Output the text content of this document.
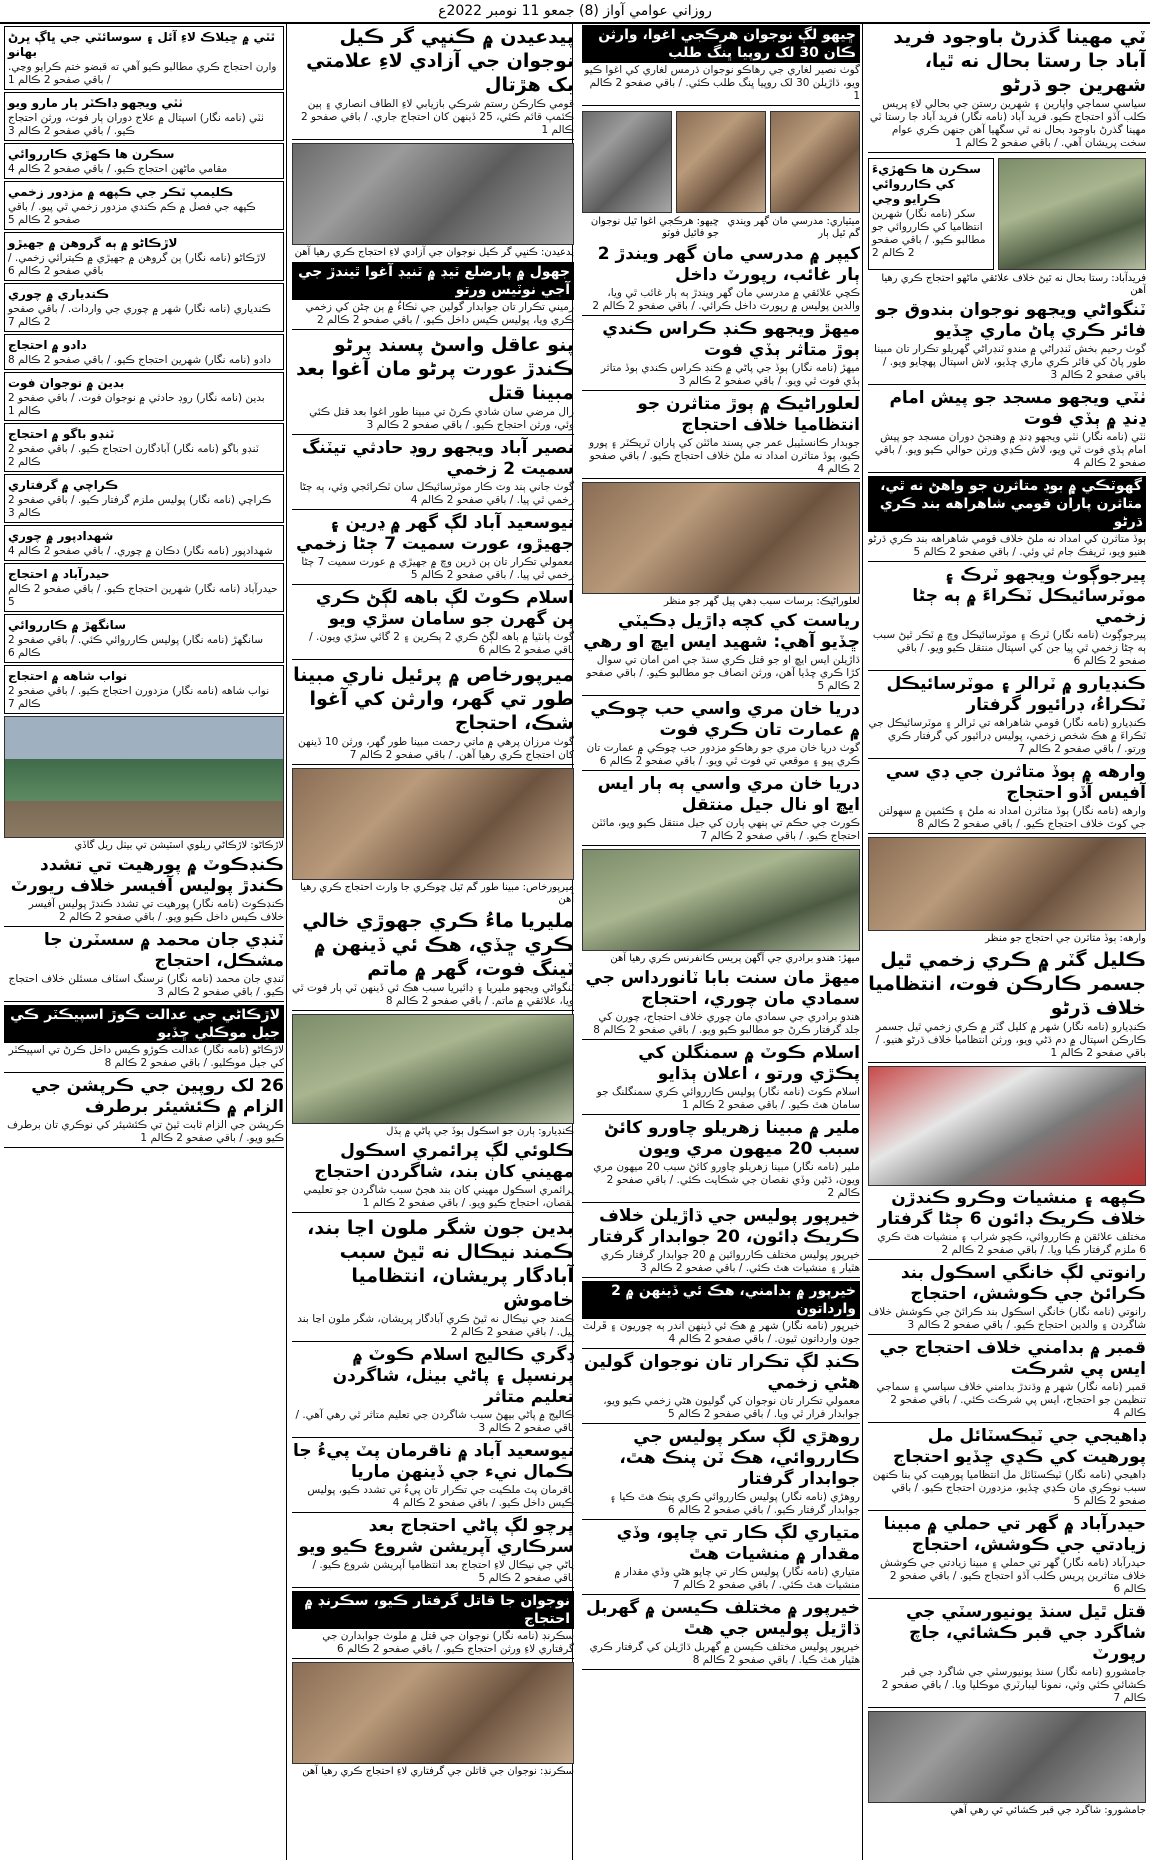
روزاني عوامي آواز (8) جمعو 11 نومبر 2022ع
ٽي مهينا گذرڻ باوجود فريد آباد جا رستا بحال نه ٿيا، شهرين جو ڌرڻو
سياسي سماجي واپارين ۽ شهرين رستن جي بحالي لاءِ پريس ڪلب آڏو احتجاج ڪيو. فريد آباد (نامه نگار) فريد آباد جا رستا ٽي مهينا گذرڻ باوجود بحال نه ٿي سگهيا آهن جنهن ڪري عوام سخت پريشان آهي. / باقي صفحو 2 ڪالم 1
سڪرن ها ڪهڙيءَ کي ڪارروائي ڪرايو وڃي
سکر (نامه نگار) شهرين انتظاميا کي ڪارروائي جو مطالبو ڪيو. / باقي صفحو 2 ڪالم 2
فريدآباد: رستا بحال نه ٿيڻ خلاف علائقي ماڻهو احتجاج ڪري رهيا آهن
ٽنگواڻي ويجهو نوجوان بندوق جو فائر ڪري پاڻ ماري ڇڏيو
گوٺ رحيم بخش ٽنڊراڻي ۾ مندو ٽنڊراڻي گهريلو تڪرار تان مبينا طور پاڻ کي فائر ڪري ماري ڇڏيو، لاش اسپتال پهچايو ويو. / باقي صفحو 2 ڪالم 3
ٺٽي ويجهو مسجد جو پيش امام ڍنڍ ۾ ٻڏي فوت
ٺٽي (نامه نگار) ٺٽي ويجهو ڍنڍ ۾ وهنجڻ دوران مسجد جو پيش امام ٻڏي فوت ٿي ويو، لاش ڪڍي ورثن حوالي ڪيو ويو. / باقي صفحو 2 ڪالم 4
گهوٽڪي ۾ بوڊ متاثرن جو واهڻ نه ٿي، متاثرن پاران قومي شاهراهه بند ڪري ڌرڻو
ٻوڏ متاثرن کي امداد نه ملڻ خلاف قومي شاهراهه بند ڪري ڌرڻو هنيو ويو، ٽريفڪ جام ٿي وئي. / باقي صفحو 2 ڪالم 5
پيرجوڳوٺ ويجهو ٽرڪ ۽ موٽرسائيڪل ٽڪراءَ ۾ ٻه ڄڻا زخمي
پيرجوڳوٺ (نامه نگار) ٽرڪ ۽ موٽرسائيڪل وچ ۾ ٽڪر ٿيڻ سبب ٻه ڄڻا زخمي ٿي پيا جن کي اسپتال منتقل ڪيو ويو. / باقي صفحو 2 ڪالم 6
ڪنڊيارو ۾ ٽرالر ۽ موٽرسائيڪل ٽڪراءُ، ڊرائيور گرفتار
ڪنڊيارو (نامه نگار) قومي شاهراهه تي ٽرالر ۽ موٽرسائيڪل جي ٽڪراءَ ۾ هڪ شخص زخمي، پوليس ڊرائيور کي گرفتار ڪري ورتو. / باقي صفحو 2 ڪالم 7
وارهه ۾ ٻوڏ متاثرن جي ڊي سي آفيس آڏو احتجاج
وارهه (نامه نگار) ٻوڏ متاثرن امداد نه ملڻ ۽ ڪئمپن ۾ سهولتن جي کوٽ خلاف احتجاج ڪيو. / باقي صفحو 2 ڪالم 8
وارهه: ٻوڏ متاثرن جي احتجاج جو منظر
ڪليل گٽر ۾ ڪري زخمي ٿيل جسمر ڪارڪن فوت، انتظاميا خلاف ڌرڻو
ڪنڊيارو (نامه نگار) شهر ۾ کليل گٽر ۾ ڪري زخمي ٿيل جسمر ڪارڪن اسپتال ۾ دم ڌڻي ويو، ورثن انتظاميا خلاف ڌرڻو هنيو. / باقي صفحو 2 ڪالم 1
ڪپهه ۽ منشيات وڪرو ڪندڙن خلاف ڪريڪ ڊائون 6 ڄڻا گرفتار
مختلف علائقن ۾ ڪارروائي، ڪچو شراب ۽ منشيات هٿ ڪري 6 ملزم گرفتار ڪيا ويا. / باقي صفحو 2 ڪالم 2
رانوتي لڳ خانگي اسڪول بند ڪرائڻ جي ڪوشش، احتجاج
رانوتي (نامه نگار) خانگي اسڪول بند ڪرائڻ جي ڪوشش خلاف شاگردن ۽ والدين احتجاج ڪيو. / باقي صفحو 2 ڪالم 3
قمبر ۾ بدامني خلاف احتجاج جي ايس پي شرڪت
قمبر (نامه نگار) شهر ۾ وڌندڙ بدامني خلاف سياسي ۽ سماجي تنظيمن جو احتجاج، ايس پي شرڪت ڪئي. / باقي صفحو 2 ڪالم 4
ڊاهيجي جي ٽيڪسٽائل مل پورهيت کي ڪڍي ڇڏيو احتجاج
ڊاهيجي (نامه نگار) ٽيڪسٽائل مل انتظاميا پورهيت کي بنا ڪنهن سبب نوڪري مان ڪڍي ڇڏيو، مزدورن احتجاج ڪيو. / باقي صفحو 2 ڪالم 5
حيدرآباد ۾ گهر تي حملي ۾ مبينا زيادتي جي ڪوشش، احتجاج
حيدرآباد (نامه نگار) گهر تي حملي ۽ مبينا زيادتي جي ڪوشش خلاف متاثرين پريس ڪلب آڏو احتجاج ڪيو. / باقي صفحو 2 ڪالم 6
قتل ٿيل سنڌ يونيورسٽي جي شاگرد جي قبر ڪشائي، جاچ رپورٽ
جامشورو (نامه نگار) سنڌ يونيورسٽي جي شاگرد جي قبر ڪشائي ڪئي وئي، نمونا ليبارٽري موڪليا ويا. / باقي صفحو 2 ڪالم 7
جامشورو: شاگرد جي قبر ڪشائي ٿي رهي آهي
ڇيهو لڳ نوجوان هرڪجي اغوا، وارثن ڪان 30 لک روپيا ڀنگ طلب
گوٺ نصير لغاري جي رهاڪو نوجوان ڌرمس لغاري کي اغوا ڪيو ويو، ڌاڙيلن 30 لک روپيا ڀنگ طلب ڪئي. / باقي صفحو 2 ڪالم 1
ميٽياري: مدرسي مان گهر ويندي گم ٿيل ٻار
ڇيهو: هرڪجي اغوا ٿيل نوجوان جو فائيل فوٽو
کيپر ۾ مدرسي مان گهر ويندڙ 2 ٻار غائب، رپورٽ داخل
ڪچي علائقي ۾ مدرسي مان گهر ويندڙ ٻه ٻار غائب ٿي ويا، والدين پوليس ۾ رپورٽ داخل ڪرائي. / باقي صفحو 2 ڪالم 2
ميهڙ ويجهو ڪنڊ ڪراس ڪندي ٻوڙ متاثر ٻڏي فوت
ميهڙ (نامه نگار) ٻوڏ جي پاڻي ۾ ڪنڊ ڪراس ڪندي ٻوڏ متاثر ٻڏي فوت ٿي ويو. / باقي صفحو 2 ڪالم 3
لعلوراڻيڪ ۾ ٻوڙ متاثرن جو انتظاميا خلاف احتجاج
جوبدار ڪانسٽيبل عمر جي پسند مائٽن کي پاران ٽريڪٽر ۽ پورو ڪيو، ٻوڏ متاثرن امداد نه ملڻ خلاف احتجاج ڪيو. / باقي صفحو 2 ڪالم 4
لعلوراڻيڪ: برسات سبب ڊهي پيل گهر جو منظر
رياست کي کچه ڊاڙيل ڊڪيٽي ڇڏيو آهي: شهيد ايس ايڇ او رهي
ڌاڙيلن ايس ايڇ او جو قتل ڪري سنڌ جي امن امان تي سوال کڙا ڪري ڇڏيا آهن، ورثن انصاف جو مطالبو ڪيو. / باقي صفحو 2 ڪالم 5
دريا خان مري واسي حب چوڪي ۾ عمارت تان ڪري فوت
گوٺ دريا خان مري جو رهاڪو مزدور حب چوڪي ۾ عمارت تان ڪري پيو ۽ موقعي تي فوت ٿي ويو. / باقي صفحو 2 ڪالم 6
دريا خان مري واسي ٻه ٻار ايس ايڇ او نال جيل منتقل
ڪورٽ جي حڪم تي ٻنهي ٻارن کي جيل منتقل ڪيو ويو، مائٽن احتجاج ڪيو. / باقي صفحو 2 ڪالم 7
ميهڙ: هندو برادري جي آگهن پريس ڪانفرنس ڪري رهيا آهن
ميهڙ مان سنت بابا ٽانورداس جي سمادي مان چوري، احتجاج
هندو برادري جي سمادي مان چوري خلاف احتجاج، چورن کي جلد گرفتار ڪرڻ جو مطالبو ڪيو ويو. / باقي صفحو 2 ڪالم 8
اسلام ڪوٽ ۾ سمنگلن کي پڪڙي ورتو ، اعلان ٻڌايو
اسلام ڪوٽ (نامه نگار) پوليس ڪارروائي ڪري سمنگلنگ جو سامان هٿ ڪيو. / باقي صفحو 2 ڪالم 1
ملير ۾ مبينا زهريلو چاورو کائڻ سبب 20 ميهون مري ويون
ملير (نامه نگار) مبينا زهريلو چاورو کائڻ سبب 20 ميهون مري ويون، ڌڻين وڏي نقصان جي شڪايت ڪئي. / باقي صفحو 2 ڪالم 2
خيرپور پوليس جي ڌاڙيلن خلاف ڪريڪ ڊائون، 20 جوابدار گرفتار
خيرپور پوليس مختلف ڪارروائين ۾ 20 جوابدار گرفتار ڪري هٿيار ۽ منشيات هٿ ڪئي. / باقي صفحو 2 ڪالم 3
خيرپور ۾ بدامني، هڪ ئي ڏينهن ۾ 2 وارداتون
خيرپور (نامه نگار) شهر ۾ هڪ ئي ڏينهن اندر ٻه چوريون ۽ ڦرلٽ جون وارداتون ٿيون. / باقي صفحو 2 ڪالم 4
ڪنڊ لڳ تڪرار تان نوجوان گولين هڻي زخمي
معمولي تڪرار تان نوجوان کي گوليون هڻي زخمي ڪيو ويو، جوابدار فرار ٿي ويا. / باقي صفحو 2 ڪالم 5
روهڙي لڳ سکر پوليس جي ڪارروائي، هڪ ٽن پنڪ هٿ، جوابدار گرفتار
روهڙي (نامه نگار) پوليس ڪارروائي ڪري پنڪ هٿ ڪيا ۽ جوابدار گرفتار ڪيو. / باقي صفحو 2 ڪالم 6
متياري لڳ ڪار تي چاپو، وڏي مقدار ۾ منشيات هٿ
متياري (نامه نگار) پوليس ڪار تي چاپو هڻي وڏي مقدار ۾ منشيات هٿ ڪئي. / باقي صفحو 2 ڪالم 7
خيرپور ۾ مختلف ڪيسن ۾ گهربل ڌاڙيل پوليس جي هٿ
خيرپور پوليس مختلف ڪيسن ۾ گهربل ڌاڙيلن کي گرفتار ڪري هٿيار هٿ ڪيا. / باقي صفحو 2 ڪالم 8
پيدعيدن ۾ ڪنڀي گر ڪيل نوجوان جي آزادي لاءِ علامتي بک هڙتال
قومي ڪارڪن رستم شرڪي بازيابي لاءِ الطاف انصاري ۽ ٻين ڪئمپ قائم ڪئي، 25 ڏينهن کان احتجاج جاري. / باقي صفحو 2 ڪالم 1
پدعيدن: ڪنڀي گر ڪيل نوجوان جي آزادي لاءِ احتجاج ڪري رهيا آهن
جهول ۾ پارضلع ٽيڊ ۾ ٽنيڊ آغوا ٿيندڙ جي آجي نوٽيس ورتو
زميني تڪرار تان جوابدار گولين جي ٺڪاءُ ۾ ٻن ڄڻن کي زخمي ڪري ويا، پوليس ڪيس داخل ڪيو. / باقي صفحو 2 ڪالم 2
پنو عاقل واسڻ پسند پرڻو ڪندڙ عورت پرڻو مان آغوا بعد مبينا قتل
زال مرضي سان شادي ڪرڻ تي مبينا طور اغوا بعد قتل ڪئي وئي، ورثن احتجاج ڪيو. / باقي صفحو 2 ڪالم 3
نصير آباد ويجهو روڊ حادثي تيٽنگ سميت 2 زخمي
گوٺ جاني ٻند وٽ ڪار موٽرسائيڪل سان ٽڪرائجي وئي، ٻه ڄڻا زخمي ٿي پيا. / باقي صفحو 2 ڪالم 4
نيوسعيد آباد لڳ گهر ۾ ڍرين ۽ جهيڙو، عورت سميت 7 ڄڻا زخمي
معمولي تڪرار تان ٻن ڌرين وچ ۾ جهيڙي ۾ عورت سميت 7 ڄڻا زخمي ٿي پيا. / باقي صفحو 2 ڪالم 5
اسلام ڪوٽ لڳ باهه لڳڻ ڪري ٻن گهرن جو سامان سڙي ويو
گوٺ ٻانٽيا ۾ باهه لڳڻ ڪري 2 ٻڪرين ۽ 2 گائي سڙي ويون. / باقي صفحو 2 ڪالم 6
ميرپورخاص ۾ پرئيل ناري مبينا طور تي گهر، وارثن کي آغوا شڪ، احتجاج
گوٺ مرزان پرهي ۾ ماتي رحمت مبينا طور گهر، ورثن 10 ڏينهن کان احتجاج ڪري رهيا آهن. / باقي صفحو 2 ڪالم 7
ميرپورخاص: مبينا طور گم ٿيل ڇوڪري جا وارث احتجاج ڪري رهيا آهن
مليريا ماءُ ڪري جهوڙي خالي ڪري ڇڏي، هڪ ئي ڏينهن ۾ ٽينگ فوت، گهر ۾ ماتم
ٽنگواڻي ويجهو مليريا ۽ ڊائيريا سبب هڪ ئي ڏينهن ٽي ٻار فوت ٿي ويا، علائقي ۾ ماتم. / باقي صفحو 2 ڪالم 8
ڪنڊيارو: ٻارن جو اسڪول ٻوڏ جي پاڻي ۾ ٻڏل
ڪلوئي لڳ پرائمري اسڪول مهيني کان بند، شاگردن احتجاج
پرائمري اسڪول مهيني کان بند هجڻ سبب شاگردن جو تعليمي نقصان، احتجاج ڪيو ويو. / باقي صفحو 2 ڪالم 1
بدين جون شگر ملون اڃا بند، ڪمند نيڪال نه ٿيڻ سبب آبادگار پريشان، انتظاميا خاموش
ڪمند جي نيڪال نه ٿيڻ ڪري آبادگار پريشان، شگر ملون اڃا بند پيل. / باقي صفحو 2 ڪالم 2
ڊگري ڪاليج اسلام ڪوٽ ۾ پرنسپل ۽ پاڻي بيٺل، شاگردن تعليم متاثر
ڪاليج ۾ پاڻي بيهڻ سبب شاگردن جي تعليم متاثر ٿي رهي آهي. / باقي صفحو 2 ڪالم 3
نيوسعيد آباد ۾ ناقرمان پٽ پيءُ جا ڪمال نيء جي ڏينهن ماريا
ناقرمان پٽ ملڪيت جي تڪرار تان پيءُ تي تشدد ڪيو، پوليس ڪيس داخل ڪيو. / باقي صفحو 2 ڪالم 4
ڀرچو لڳ پاڻي احتجاج بعد سرڪاري آپريشن شروع ڪيو ويو
پاڻي جي نيڪال لاءِ احتجاج بعد انتظاميا آپريشن شروع ڪيو. / باقي صفحو 2 ڪالم 5
نوجوان جا قاتل گرفتار ڪيو، سڪرنڊ ۾ احتجاج
سڪرنڊ (نامه نگار) نوجوان جي قتل ۾ ملوث جوابدارن جي گرفتاري لاءِ ورثن احتجاج ڪيو. / باقي صفحو 2 ڪالم 6
سڪرنڊ: نوجوان جي قاتلن جي گرفتاري لاءِ احتجاج ڪري رهيا آهن
ٿٽي ۾ ڇيلاڪ لاءِ آئل ۽ سوسائٽي جي ڀاڳ ڀرڻ بهانو
وارن احتجاج ڪري مطالبو ڪيو آهي ته قبضو ختم ڪرايو وڃي. / باقي صفحو 2 ڪالم 1
ٺٽي ويجهو ڊاڪٽر ٻار مارو ويو
ٺٽي (نامه نگار) اسپتال ۾ علاج دوران ٻار فوت، ورثن احتجاج ڪيو. / باقي صفحو 2 ڪالم 3
سڪرن ها ڪهڙي ڪارروائي
مقامي ماڻهن احتجاج ڪيو. / باقي صفحو 2 ڪالم 4
ڪليمپ ٽڪر جي ڪپهه ۾ مزدور زخمي
ڪپهه جي فصل ۾ ڪم ڪندي مزدور زخمي ٿي پيو. / باقي صفحو 2 ڪالم 5
لاڙڪاڻو ۾ ٻه گروهن ۾ جهيڙو
لاڙڪاڻو (نامه نگار) ٻن گروهن ۾ جهيڙي ۾ ڪيترائي زخمي. / باقي صفحو 2 ڪالم 6
ڪندياري ۾ چوري
ڪندياري (نامه نگار) شهر ۾ چوري جي واردات. / باقي صفحو 2 ڪالم 7
دادو ۾ احتجاج
دادو (نامه نگار) شهرين احتجاج ڪيو. / باقي صفحو 2 ڪالم 8
بدين ۾ نوجوان فوت
بدين (نامه نگار) روڊ حادثي ۾ نوجوان فوت. / باقي صفحو 2 ڪالم 1
ٽنڊو باگو ۾ احتجاج
ٽنڊو باگو (نامه نگار) آبادگارن احتجاج ڪيو. / باقي صفحو 2 ڪالم 2
ڪراچي ۾ گرفتاري
ڪراچي (نامه نگار) پوليس ملزم گرفتار ڪيو. / باقي صفحو 2 ڪالم 3
شهدادپور ۾ چوري
شهدادپور (نامه نگار) دڪان ۾ چوري. / باقي صفحو 2 ڪالم 4
حيدرآباد ۾ احتجاج
حيدرآباد (نامه نگار) شهرين احتجاج ڪيو. / باقي صفحو 2 ڪالم 5
سانگهڙ ۾ ڪارروائي
سانگهڙ (نامه نگار) پوليس ڪارروائي ڪئي. / باقي صفحو 2 ڪالم 6
نواب شاهه ۾ احتجاج
نواب شاهه (نامه نگار) مزدورن احتجاج ڪيو. / باقي صفحو 2 ڪالم 7
لاڙڪاڻو: لاڙڪاڻي ريلوي اسٽيشن تي بيٺل ريل گاڏي
ڪنڊڪوٽ ۾ پورهيت تي تشدد ڪندڙ پوليس آفيسر خلاف ريورٽ
ڪنڊڪوٽ (نامه نگار) پورهيت تي تشدد ڪندڙ پوليس آفيسر خلاف ڪيس داخل ڪيو ويو. / باقي صفحو 2 ڪالم 2
ٽنڊي جان محمد ۾ سسٽرن جا مشڪل، احتجاج
ٽنڊي جان محمد (نامه نگار) نرسنگ اسٽاف مسئلن خلاف احتجاج ڪيو. / باقي صفحو 2 ڪالم 3
لاڙڪاڻي جي عدالت ڪوڙ اسپيڪٽر ڪي جيل موڪلي ڇڏيو
لاڙڪاڻو (نامه نگار) عدالت ڪوڙو ڪيس داخل ڪرڻ تي اسپيڪٽر کي جيل موڪليو. / باقي صفحو 2 ڪالم 8
26 لک روپين جي ڪرپشن جي الزام ۾ ڪئشيئر برطرف
ڪرپشن جي الزام ثابت ٿيڻ تي ڪئشيئر کي نوڪري تان برطرف ڪيو ويو. / باقي صفحو 2 ڪالم 1
